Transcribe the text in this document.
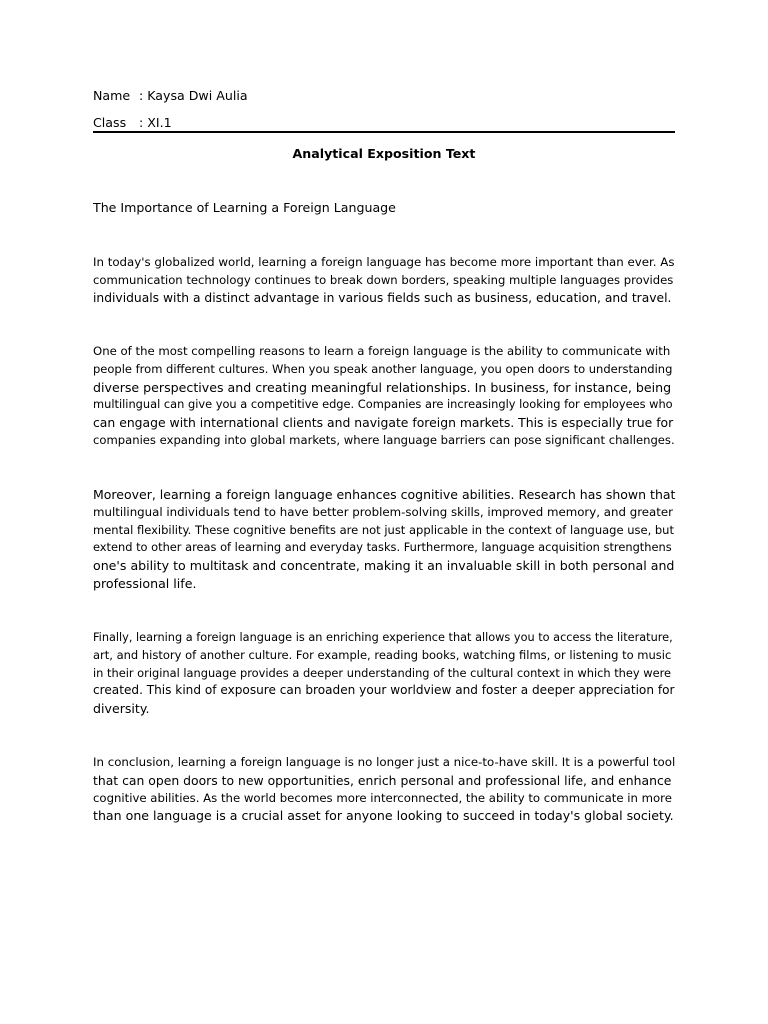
Name : Kaysa Dwi Aulia
Class : XI.1
Analytical Exposition Text
The Importance of Learning a Foreign Language

In today's globalized world, learning a foreign language has become more important than ever. As
communication technology continues to break down borders, speaking multiple languages provides
individuals with a distinct advantage in various fields such as business, education, and travel.

One of the most compelling reasons to learn a foreign language is the ability to communicate with
people from different cultures. When you speak another language, you open doors to understanding
diverse perspectives and creating meaningful relationships. In business, for instance, being
multilingual can give you a competitive edge. Companies are increasingly looking for employees who
can engage with international clients and navigate foreign markets. This is especially true for
companies expanding into global markets, where language barriers can pose significant challenges.

Moreover, learning a foreign language enhances cognitive abilities. Research has shown that
multilingual individuals tend to have better problem-solving skills, improved memory, and greater
mental flexibility. These cognitive benefits are not just applicable in the context of language use, but
extend to other areas of learning and everyday tasks. Furthermore, language acquisition strengthens
one's ability to multitask and concentrate, making it an invaluable skill in both personal and
professional life.

Finally, learning a foreign language is an enriching experience that allows you to access the literature,
art, and history of another culture. For example, reading books, watching films, or listening to music
in their original language provides a deeper understanding of the cultural context in which they were
created. This kind of exposure can broaden your worldview and foster a deeper appreciation for
diversity.

In conclusion, learning a foreign language is no longer just a nice-to-have skill. It is a powerful tool
that can open doors to new opportunities, enrich personal and professional life, and enhance
cognitive abilities. As the world becomes more interconnected, the ability to communicate in more
than one language is a crucial asset for anyone looking to succeed in today's global society.
